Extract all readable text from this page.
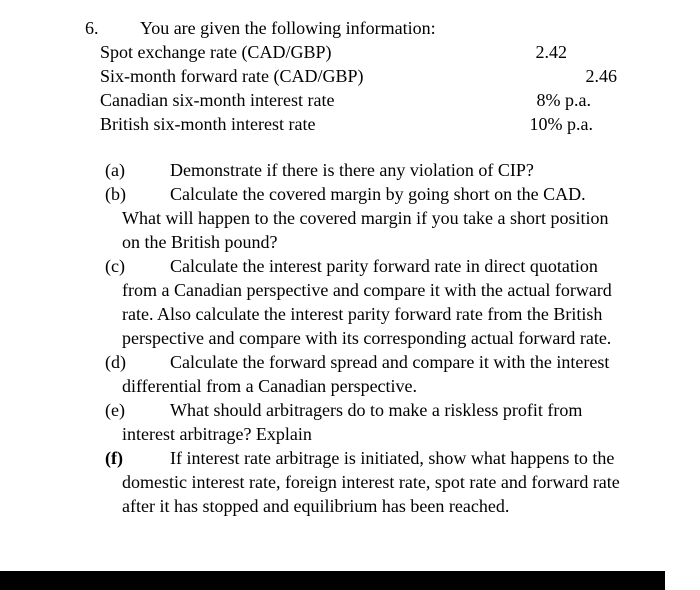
6. You are given the following information:
Spot exchange rate (CAD/GBP)	2.42
Six-month forward rate (CAD/GBP)	2.46
Canadian six-month interest rate	8% p.a.
British six-month interest rate	10% p.a.
(a)	Demonstrate if there is there any violation of CIP?
(b) Calculate the covered margin by going short on the CAD. What will happen to the covered margin if you take a short position on the British pound?
(c)	Calculate the interest parity forward rate in direct quotation from a Canadian perspective and compare it with the actual forward rate. Also calculate the interest parity forward rate from the British perspective and compare with its corresponding actual forward rate.
(d) Calculate the forward spread and compare it with the interest differential from a Canadian perspective.
(e)	What should arbitragers do to make a riskless profit from interest arbitrage? Explain
(f)	If interest rate arbitrage is initiated, show what happens to the domestic interest rate, foreign interest rate, spot rate and forward rate after it has stopped and equilibrium has been reached.
